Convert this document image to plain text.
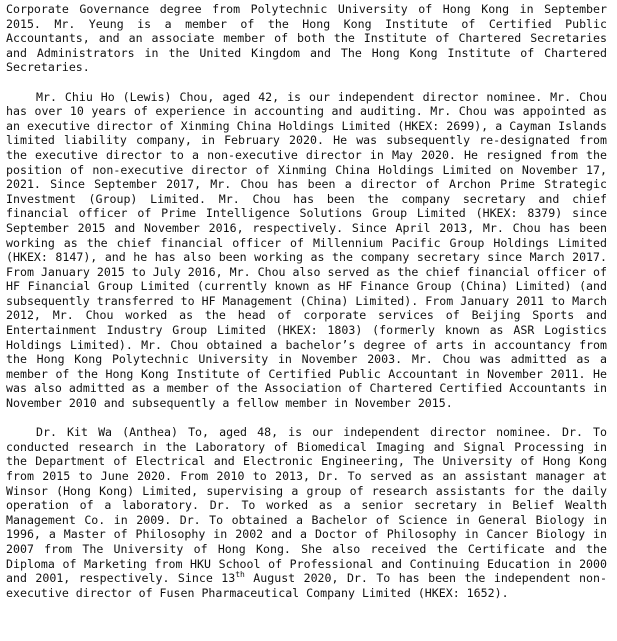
Corporate Governance degree from Polytechnic University of Hong Kong in September 2015. Mr. Yeung is a member of the Hong Kong Institute of Certified Public Accountants, and an associate member of both the Institute of Chartered Secretaries and Administrators in the United Kingdom and The Hong Kong Institute of Chartered Secretaries.

Mr. Chiu Ho (Lewis) Chou, aged 42, is our independent director nominee. Mr. Chou has over 10 years of experience in accounting and auditing. Mr. Chou was appointed as an executive director of Xinming China Holdings Limited (HKEX: 2699), a Cayman Islands limited liability company, in February 2020. He was subsequently re-designated from the executive director to a non-executive director in May 2020. He resigned from the position of non-executive director of Xinming China Holdings Limited on November 17, 2021. Since September 2017, Mr. Chou has been a director of Archon Prime Strategic Investment (Group) Limited. Mr. Chou has been the company secretary and chief financial officer of Prime Intelligence Solutions Group Limited (HKEX: 8379) since September 2015 and November 2016, respectively. Since April 2013, Mr. Chou has been working as the chief financial officer of Millennium Pacific Group Holdings Limited (HKEX: 8147), and he has also been working as the company secretary since March 2017. From January 2015 to July 2016, Mr. Chou also served as the chief financial officer of HF Financial Group Limited (currently known as HF Finance Group (China) Limited) (and subsequently transferred to HF Management (China) Limited). From January 2011 to March 2012, Mr. Chou worked as the head of corporate services of Beijing Sports and Entertainment Industry Group Limited (HKEX: 1803) (formerly known as ASR Logistics Holdings Limited). Mr. Chou obtained a bachelor’s degree of arts in accountancy from the Hong Kong Polytechnic University in November 2003. Mr. Chou was admitted as a member of the Hong Kong Institute of Certified Public Accountant in November 2011. He was also admitted as a member of the Association of Chartered Certified Accountants in November 2010 and subsequently a fellow member in November 2015.

Dr. Kit Wa (Anthea) To, aged 48, is our independent director nominee. Dr. To conducted research in the Laboratory of Biomedical Imaging and Signal Processing in the Department of Electrical and Electronic Engineering, The University of Hong Kong from 2015 to June 2020. From 2010 to 2013, Dr. To served as an assistant manager at Winsor (Hong Kong) Limited, supervising a group of research assistants for the daily operation of a laboratory. Dr. To worked as a senior secretary in Belief Wealth Management Co. in 2009. Dr. To obtained a Bachelor of Science in General Biology in 1996, a Master of Philosophy in 2002 and a Doctor of Philosophy in Cancer Biology in 2007 from The University of Hong Kong. She also received the Certificate and the Diploma of Marketing from HKU School of Professional and Continuing Education in 2000 and 2001, respectively. Since 13th August 2020, Dr. To has been the independent non-executive director of Fusen Pharmaceutical Company Limited (HKEX: 1652).
